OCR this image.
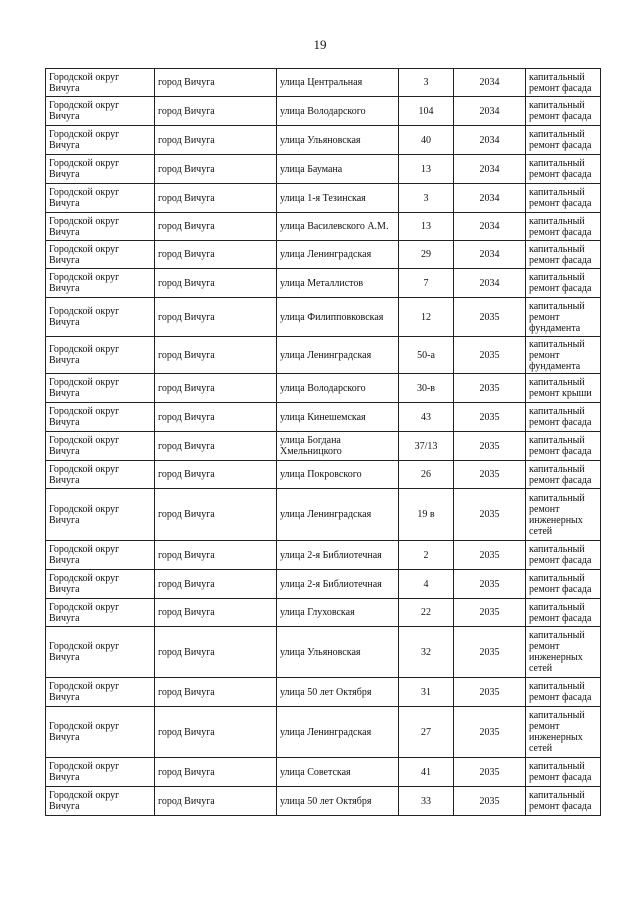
19
Городской округ Вичуга	город Вичуга	улица Центральная	3	2034	капитальный ремонт фасада
Городской округ Вичуга	город Вичуга	улица Володарского	104	2034	капитальный ремонт фасада
Городской округ Вичуга	город Вичуга	улица Ульяновская	40	2034	капитальный ремонт фасада
Городской округ Вичуга	город Вичуга	улица Баумана	13	2034	капитальный ремонт фасада
Городской округ Вичуга	город Вичуга	улица 1-я Тезинская	3	2034	капитальный ремонт фасада
Городской округ Вичуга	город Вичуга	улица Василевского А.М.	13	2034	капитальный ремонт фасада
Городской округ Вичуга	город Вичуга	улица Ленинградская	29	2034	капитальный ремонт фасада
Городской округ Вичуга	город Вичуга	улица Металлистов	7	2034	капитальный ремонт фасада
Городской округ Вичуга	город Вичуга	улица Филипповковская	12	2035	капитальный ремонт фундамента
Городской округ Вичуга	город Вичуга	улица Ленинградская	50-а	2035	капитальный ремонт фундамента
Городской округ Вичуга	город Вичуга	улица Володарского	30-в	2035	капитальный ремонт крыши
Городской округ Вичуга	город Вичуга	улица Кинешемская	43	2035	капитальный ремонт фасада
Городской округ Вичуга	город Вичуга	улица Богдана Хмельницкого	37/13	2035	капитальный ремонт фасада
Городской округ Вичуга	город Вичуга	улица Покровского	26	2035	капитальный ремонт фасада
Городской округ Вичуга	город Вичуга	улица Ленинградская	19 в	2035	капитальный ремонт инженерных сетей
Городской округ Вичуга	город Вичуга	улица 2-я Библиотечная	2	2035	капитальный ремонт фасада
Городской округ Вичуга	город Вичуга	улица 2-я Библиотечная	4	2035	капитальный ремонт фасада
Городской округ Вичуга	город Вичуга	улица Глуховская	22	2035	капитальный ремонт фасада
Городской округ Вичуга	город Вичуга	улица Ульяновская	32	2035	капитальный ремонт инженерных сетей
Городской округ Вичуга	город Вичуга	улица 50 лет Октября	31	2035	капитальный ремонт фасада
Городской округ Вичуга	город Вичуга	улица Ленинградская	27	2035	капитальный ремонт инженерных сетей
Городской округ Вичуга	город Вичуга	улица Советская	41	2035	капитальный ремонт фасада
Городской округ Вичуга	город Вичуга	улица 50 лет Октября	33	2035	капитальный ремонт фасада
